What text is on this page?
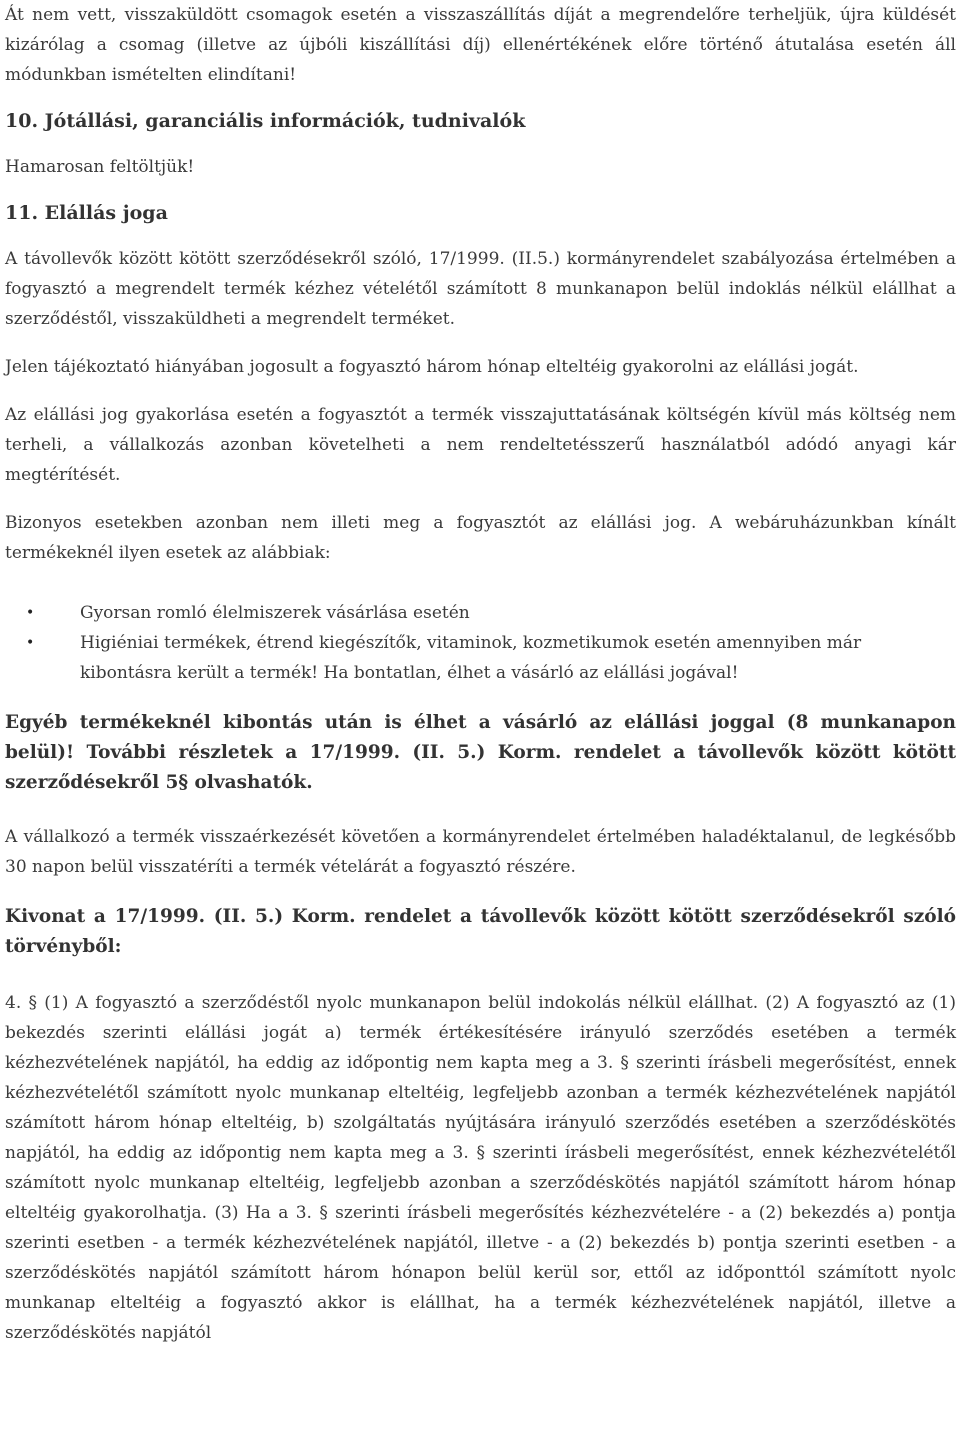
Át nem vett, visszaküldött csomagok esetén a visszaszállítás díját a megrendelőre terheljük, újra küldését kizárólag a csomag (illetve az újbóli kiszállítási díj) ellenértékének előre történő átutalása esetén áll módunkban ismételten elindítani!

10. Jótállási, garanciális információk, tudnivalók

Hamarosan feltöltjük!

11. Elállás joga

A távollevők között kötött szerződésekről szóló, 17/1999. (II.5.) kormányrendelet szabályozása értelmében a fogyasztó a megrendelt termék kézhez vételétől számított 8 munkanapon belül indoklás nélkül elállhat a szerződéstől, visszaküldheti a megrendelt terméket.

Jelen tájékoztató hiányában jogosult a fogyasztó három hónap elteltéig gyakorolni az elállási jogát.

Az elállási jog gyakorlása esetén a fogyasztót a termék visszajuttatásának költségén kívül más költség nem terheli, a vállalkozás azonban követelheti a nem rendeltetésszerű használatból adódó anyagi kár megtérítését.

Bizonyos esetekben azonban nem illeti meg a fogyasztót az elállási jog. A webáruházunkban kínált termékeknél ilyen esetek az alábbiak:

•	Gyorsan romló élelmiszerek vásárlása esetén
•	Higiéniai termékek, étrend kiegészítők, vitaminok, kozmetikumok esetén amennyiben már kibontásra került a termék! Ha bontatlan, élhet a vásárló az elállási jogával!

Egyéb termékeknél kibontás után is élhet a vásárló az elállási joggal (8 munkanapon belül)! További részletek a 17/1999. (II. 5.) Korm. rendelet a távollevők között kötött szerződésekről 5§ olvashatók.

A vállalkozó a termék visszaérkezését követően a kormányrendelet értelmében haladéktalanul, de legkésőbb 30 napon belül visszatéríti a termék vételárát a fogyasztó részére.

Kivonat a 17/1999. (II. 5.) Korm. rendelet a távollevők között kötött szerződésekről szóló törvényből:

4. § (1) A fogyasztó a szerződéstől nyolc munkanapon belül indokolás nélkül elállhat. (2) A fogyasztó az (1) bekezdés szerinti elállási jogát a) termék értékesítésére irányuló szerződés esetében a termék kézhezvételének napjától, ha eddig az időpontig nem kapta meg a 3. § szerinti írásbeli megerősítést, ennek kézhezvételétől számított nyolc munkanap elteltéig, legfeljebb azonban a termék kézhezvételének napjától számított három hónap elteltéig, b) szolgáltatás nyújtására irányuló szerződés esetében a szerződéskötés napjától, ha eddig az időpontig nem kapta meg a 3. § szerinti írásbeli megerősítést, ennek kézhezvételétől számított nyolc munkanap elteltéig, legfeljebb azonban a szerződéskötés napjától számított három hónap elteltéig gyakorolhatja. (3) Ha a 3. § szerinti írásbeli megerősítés kézhezvételére - a (2) bekezdés a) pontja szerinti esetben - a termék kézhezvételének napjától, illetve - a (2) bekezdés b) pontja szerinti esetben - a szerződéskötés napjától számított három hónapon belül kerül sor, ettől az időponttól számított nyolc munkanap elteltéig a fogyasztó akkor is elállhat, ha a termék kézhezvételének napjától, illetve a szerződéskötés napjától
